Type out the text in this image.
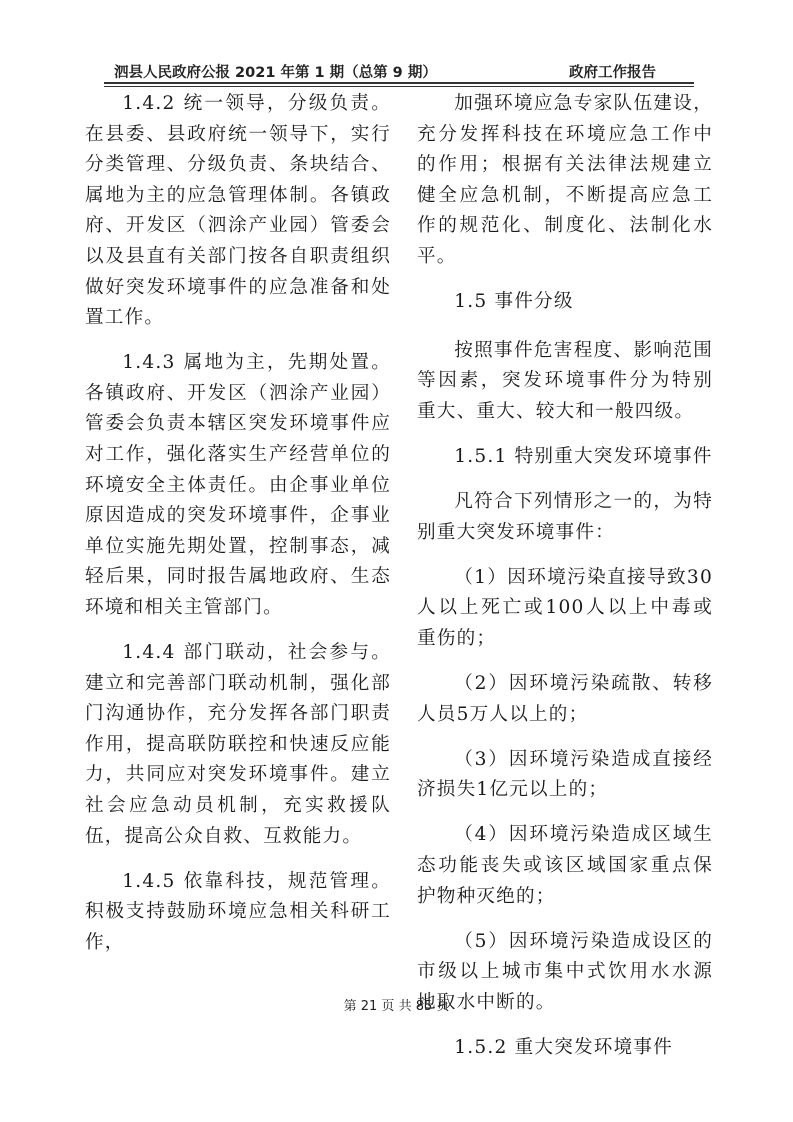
泗县人民政府公报 2021 年第 1 期（总第 9 期）	政府工作报告

1.4.2 统一领导，分级负责。在县委、县政府统一领导下，实行分类管理、分级负责、条块结合、属地为主的应急管理体制。各镇政府、开发区（泗涂产业园）管委会以及县直有关部门按各自职责组织做好突发环境事件的应急准备和处置工作。

1.4.3 属地为主，先期处置。各镇政府、开发区（泗涂产业园）管委会负责本辖区突发环境事件应对工作，强化落实生产经营单位的环境安全主体责任。由企事业单位原因造成的突发环境事件，企事业单位实施先期处置，控制事态，减轻后果，同时报告属地政府、生态环境和相关主管部门。

1.4.4 部门联动，社会参与。建立和完善部门联动机制，强化部门沟通协作，充分发挥各部门职责作用，提高联防联控和快速反应能力，共同应对突发环境事件。建立社会应急动员机制，充实救援队伍，提高公众自救、互救能力。

1.4.5 依靠科技，规范管理。积极支持鼓励环境应急相关科研工作，

加强环境应急专家队伍建设，充分发挥科技在环境应急工作中的作用；根据有关法律法规建立健全应急机制，不断提高应急工作的规范化、制度化、法制化水平。

1.5 事件分级

按照事件危害程度、影响范围等因素，突发环境事件分为特别重大、重大、较大和一般四级。

1.5.1 特别重大突发环境事件

凡符合下列情形之一的，为特别重大突发环境事件：

（1）因环境污染直接导致30人以上死亡或100人以上中毒或重伤的；

（2）因环境污染疏散、转移人员5万人以上的；

（3）因环境污染造成直接经济损失1亿元以上的；

（4）因环境污染造成区域生态功能丧失或该区域国家重点保护物种灭绝的；

（5）因环境污染造成设区的市级以上城市集中式饮用水水源地取水中断的。

1.5.2 重大突发环境事件

第 21 页 共 85 页
